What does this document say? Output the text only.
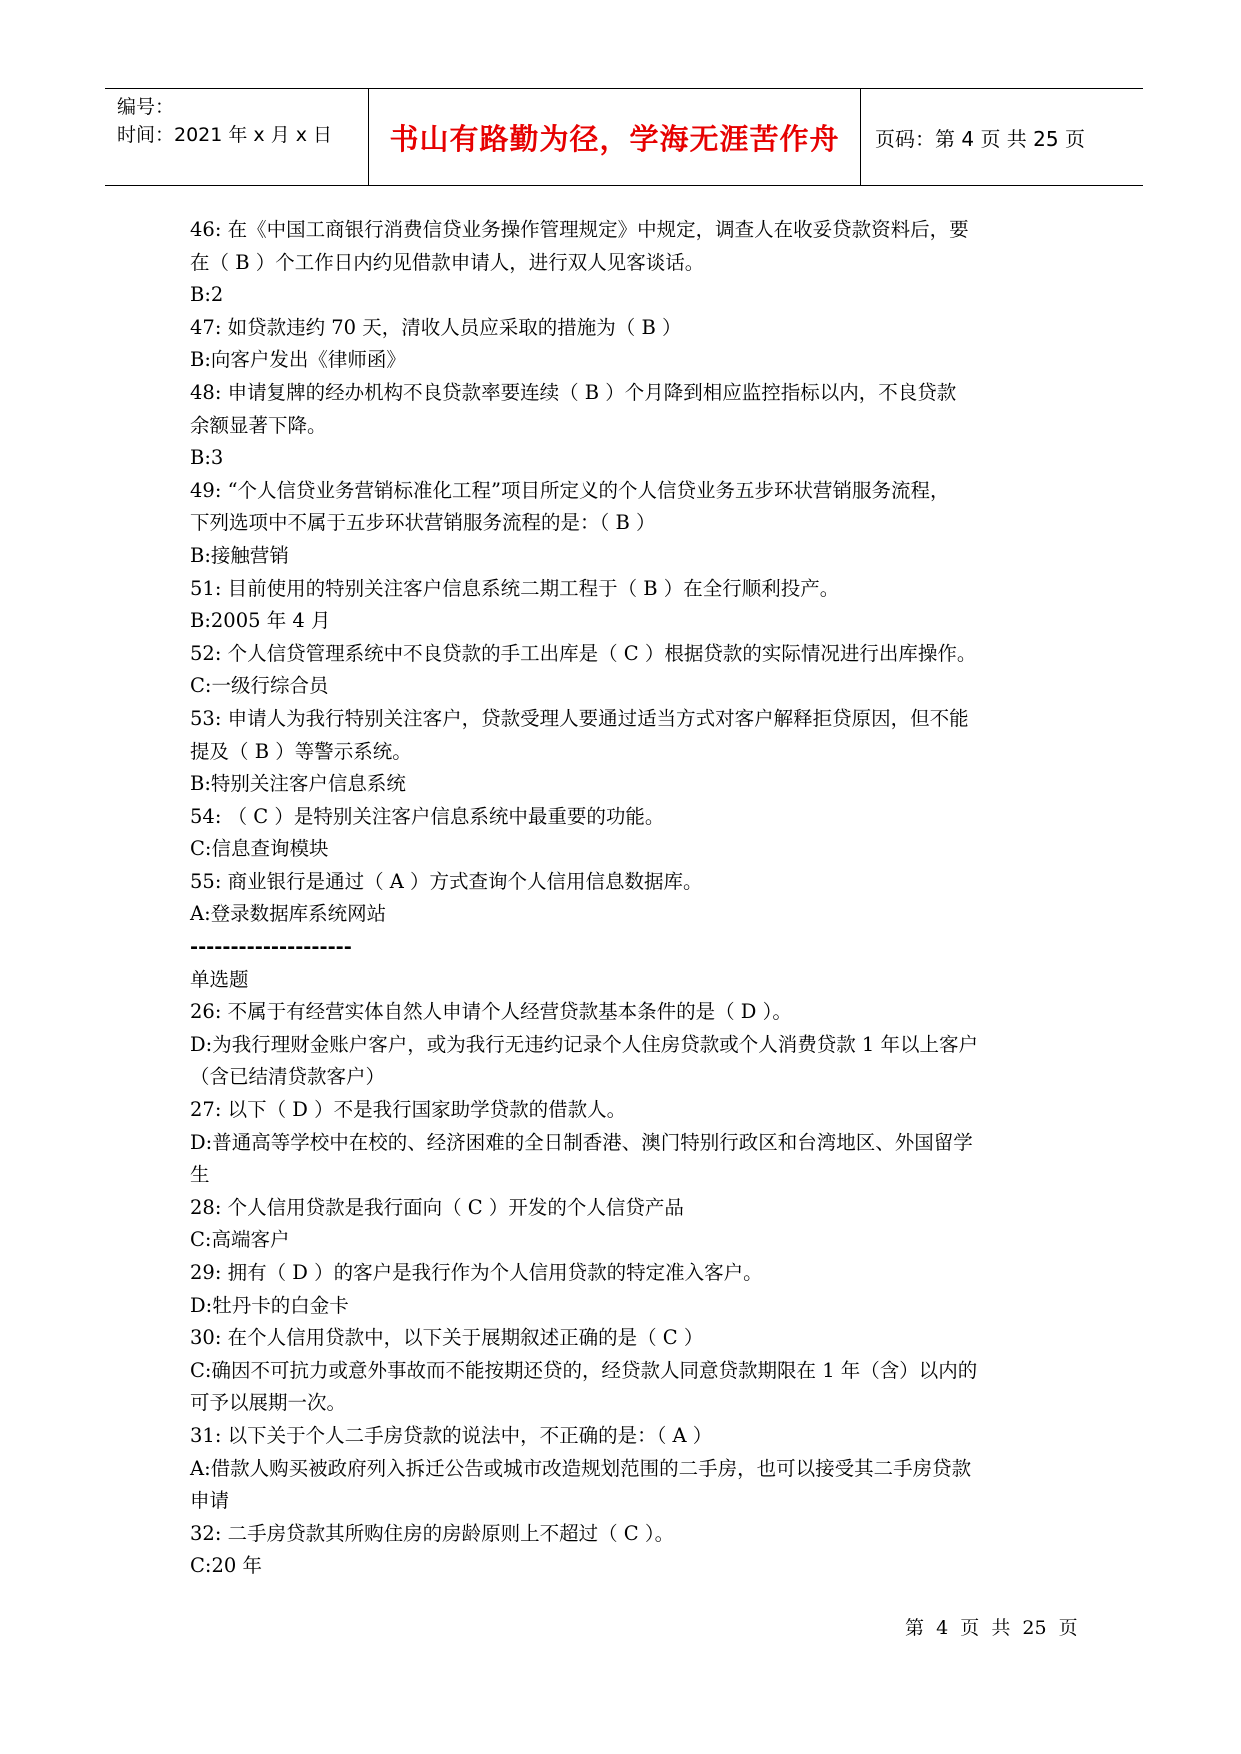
编号：
时间：2021 年 x 月 x 日	书山有路勤为径，学海无涯苦作舟	页码：第 4 页 共 25 页
46: 在《中国工商银行消费信贷业务操作管理规定》中规定，调查人在收妥贷款资料后，要
在（ B ）个工作日内约见借款申请人，进行双人见客谈话。
B:2
47: 如贷款违约 70 天，清收人员应采取的措施为（ B ）
B:向客户发出《律师函》
48: 申请复牌的经办机构不良贷款率要连续（ B ）个月降到相应监控指标以内，不良贷款
余额显著下降。
B:3
49: “个人信贷业务营销标准化工程”项目所定义的个人信贷业务五步环状营销服务流程，
下列选项中不属于五步环状营销服务流程的是：（ B ）
B:接触营销
51: 目前使用的特别关注客户信息系统二期工程于（ B ）在全行顺利投产。
B:2005 年 4 月
52: 个人信贷管理系统中不良贷款的手工出库是（ C ）根据贷款的实际情况进行出库操作。
C:一级行综合员
53: 申请人为我行特别关注客户，贷款受理人要通过适当方式对客户解释拒贷原因，但不能
提及（ B ）等警示系统。
B:特别关注客户信息系统
54: （ C ）是特别关注客户信息系统中最重要的功能。
C:信息查询模块
55: 商业银行是通过（ A ）方式查询个人信用信息数据库。
A:登录数据库系统网站
--------------------
单选题
26: 不属于有经营实体自然人申请个人经营贷款基本条件的是（ D ）。
D:为我行理财金账户客户，或为我行无违约记录个人住房贷款或个人消费贷款 1 年以上客户
（含已结清贷款客户）
27: 以下（ D ）不是我行国家助学贷款的借款人。
D:普通高等学校中在校的、经济困难的全日制香港、澳门特别行政区和台湾地区、外国留学
生
28: 个人信用贷款是我行面向（ C ）开发的个人信贷产品
C:高端客户
29: 拥有（ D ）的客户是我行作为个人信用贷款的特定准入客户。
D:牡丹卡的白金卡
30: 在个人信用贷款中，以下关于展期叙述正确的是（ C ）
C:确因不可抗力或意外事故而不能按期还贷的，经贷款人同意贷款期限在 1 年（含）以内的
可予以展期一次。
31: 以下关于个人二手房贷款的说法中，不正确的是：（ A ）
A:借款人购买被政府列入拆迁公告或城市改造规划范围的二手房，也可以接受其二手房贷款
申请
32: 二手房贷款其所购住房的房龄原则上不超过（ C ）。
C:20 年
第  4  页  共  25  页
